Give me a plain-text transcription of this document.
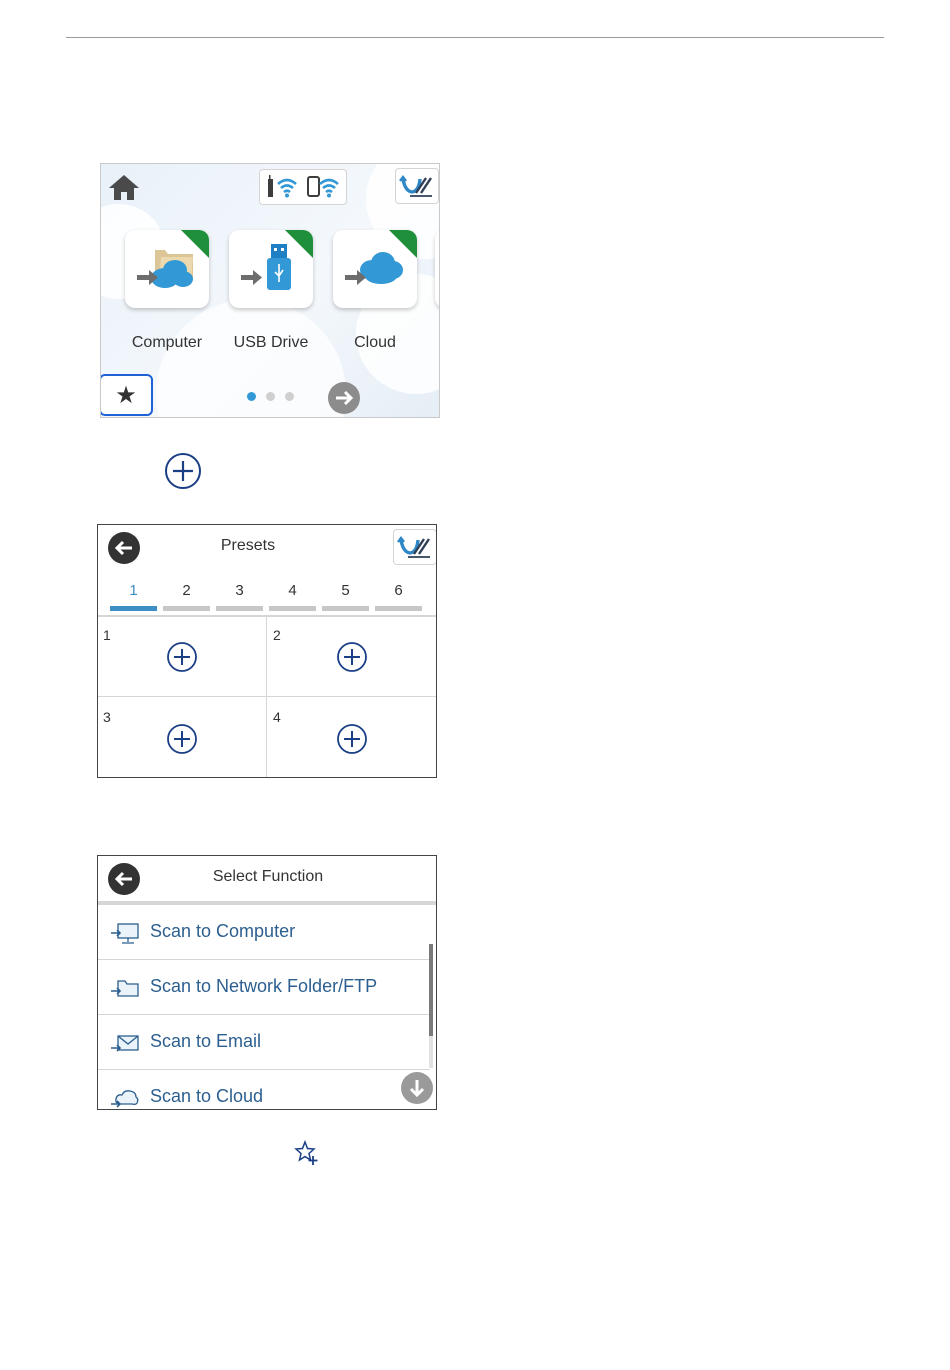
Computer	USB Drive	Cloud
★
Presets
1	2	3	4	5	6
1	2
3	4
Select Function
Scan to Computer
Scan to Network Folder/FTP
Scan to Email
Scan to Cloud
